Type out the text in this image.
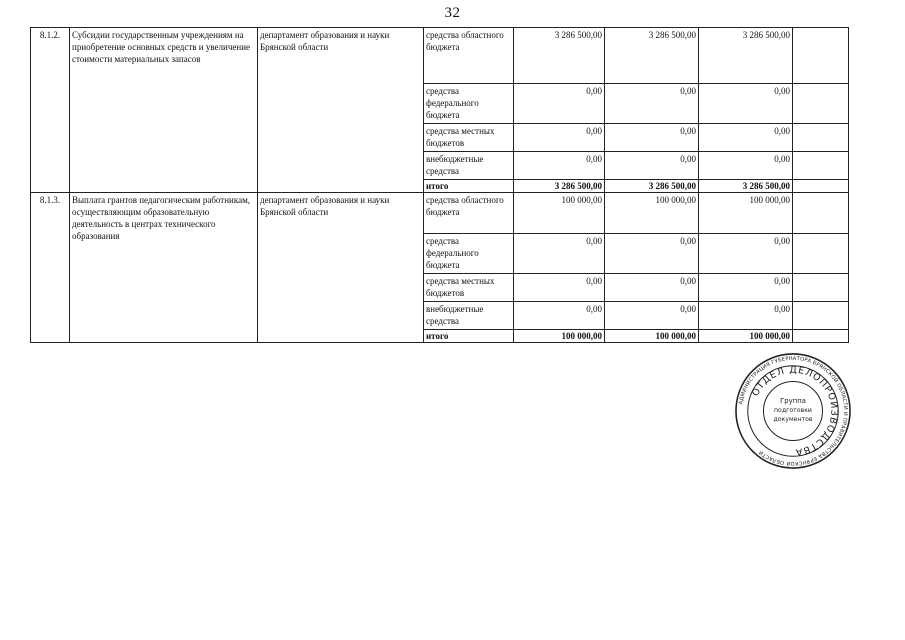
32
8.1.2.	Субсидии государственным учреждениям на приобретение основных средств и увеличение стоимости материальных запасов	департамент образования и науки Брянской области	средства областного бюджета	3 286 500,00	3 286 500,00	3 286 500,00	
			средства федерального бюджета	0,00	0,00	0,00	
			средства местных бюджетов	0,00	0,00	0,00	
			внебюджетные средства	0,00	0,00	0,00	
			итого	3 286 500,00	3 286 500,00	3 286 500,00	
8.1.3.	Выплата грантов педагогическим работникам, осуществляющим образовательную деятельность в центрах технического образования	департамент образования и науки Брянской области	средства областного бюджета	100 000,00	100 000,00	100 000,00	
			средства федерального бюджета	0,00	0,00	0,00	
			средства местных бюджетов	0,00	0,00	0,00	
			внебюджетные средства	0,00	0,00	0,00	
			итого	100 000,00	100 000,00	100 000,00	
АДМИНИСТРАЦИЯ ГУБЕРНАТОРА БРЯНСКОЙ ОБЛАСТИ И ПРАВИТЕЛЬСТВА БРЯНСКОЙ ОБЛАСТИ
ОТДЕЛ ДЕЛОПРОИЗВОДСТВА
Группа
подготовки
документов
